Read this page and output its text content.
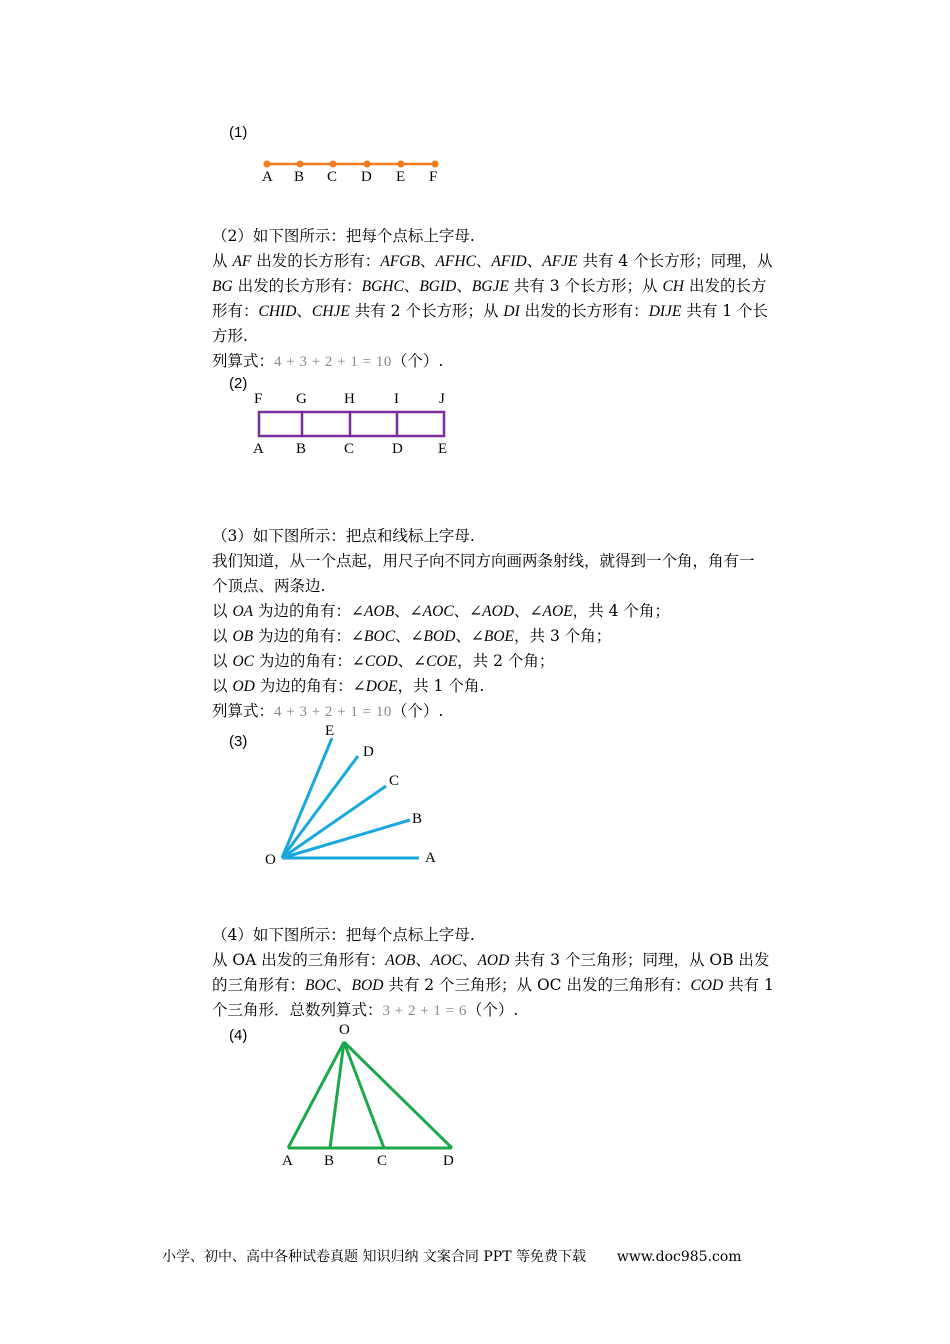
(1)
A B C D E F
（2）如下图所示：把每个点标上字母.
从 AF 出发的长方形有：AFGB、AFHC、AFID、AFJE 共有 4 个长方形；同理，从
BG 出发的长方形有：BGHC、BGID、BGJE 共有 3 个长方形；从 CH 出发的长方
形有：CHID、CHJE 共有 2 个长方形；从 DI 出发的长方形有：DIJE 共有 1 个长
方形.
列算式：4 + 3 + 2 + 1 = 10（个）.
(2)
F G H	I	J
A B	C	D E
（3）如下图所示：把点和线标上字母.
我们知道，从一个点起，用尺子向不同方向画两条射线，就得到一个角，角有一
个顶点、两条边.
以 OA 为边的角有：∠AOB、∠AOC、∠AOD、∠AOE，共 4 个角；
以 OB 为边的角有：∠BOC、∠BOD、∠BOE，共 3 个角；
以 OC 为边的角有：∠COD、∠COE，共 2 个角；
以 OD 为边的角有：∠DOE，共 1 个角.
列算式：4 + 3 + 2 + 1 = 10（个）.
(3)
O	A
B
C
D
E
（4）如下图所示：把每个点标上字母.
从 OA 出发的三角形有：AOB、AOC、AOD 共有 3 个三角形；同理，从 OB 出发
的三角形有：BOC、BOD 共有 2 个三角形；从 OC 出发的三角形有：COD 共有 1
个三角形．总数列算式：3 + 2 + 1 = 6（个）.
(4)	O
A B	C	D
小学、初中、高中各种试卷真题 知识归纳 文案合同 PPT 等免费下载 www.doc985.com
